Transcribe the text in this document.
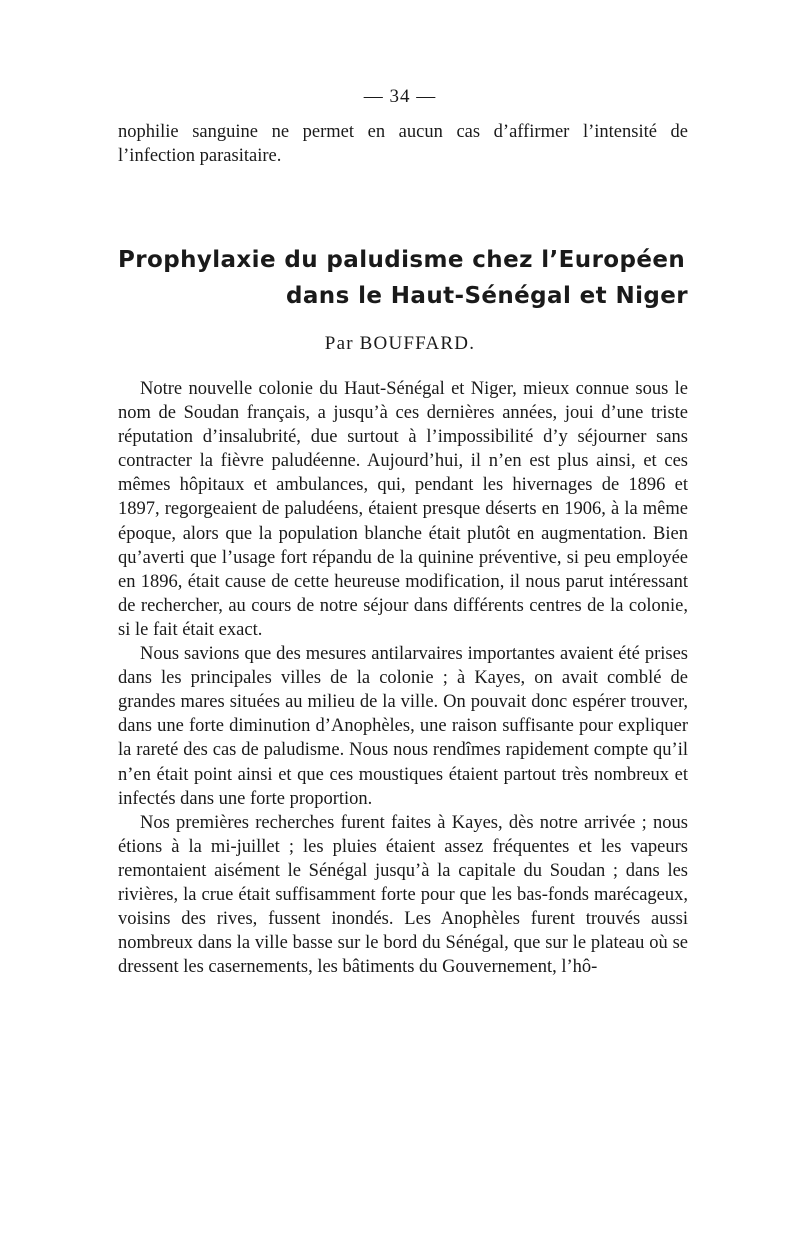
— 34 —

nophilie sanguine ne permet en aucun cas d’affirmer l’intensité de l’infection parasitaire.

Prophylaxie du paludisme chez l’Européen
dans le Haut-Sénégal et Niger
Par BOUFFARD.

Notre nouvelle colonie du Haut-Sénégal et Niger, mieux connue sous le nom de Soudan français, a jusqu’à ces dernières années, joui d’une triste réputation d’insalubrité, due surtout à l’impossibilité d’y séjourner sans contracter la fièvre paludéenne. Aujourd’hui, il n’en est plus ainsi, et ces mêmes hôpitaux et ambulances, qui, pendant les hivernages de 1896 et 1897, regorgeaient de paludéens, étaient presque déserts en 1906, à la même époque, alors que la population blanche était plutôt en augmentation. Bien qu’averti que l’usage fort répandu de la quinine préventive, si peu employée en 1896, était cause de cette heureuse modification, il nous parut intéressant de rechercher, au cours de notre séjour dans différents centres de la colonie, si le fait était exact.

Nous savions que des mesures antilarvaires importantes avaient été prises dans les principales villes de la colonie ; à Kayes, on avait comblé de grandes mares situées au milieu de la ville. On pouvait donc espérer trouver, dans une forte diminution d’Anophèles, une raison suffisante pour expliquer la rareté des cas de paludisme. Nous nous rendîmes rapidement compte qu’il n’en était point ainsi et que ces moustiques étaient partout très nombreux et infectés dans une forte proportion.

Nos premières recherches furent faites à Kayes, dès notre arrivée ; nous étions à la mi-juillet ; les pluies étaient assez fréquentes et les vapeurs remontaient aisément le Sénégal jusqu’à la capitale du Soudan ; dans les rivières, la crue était suffisamment forte pour que les bas-fonds marécageux, voisins des rives, fussent inondés. Les Anophèles furent trouvés aussi nombreux dans la ville basse sur le bord du Sénégal, que sur le plateau où se dressent les casernements, les bâtiments du Gouvernement, l’hô-
